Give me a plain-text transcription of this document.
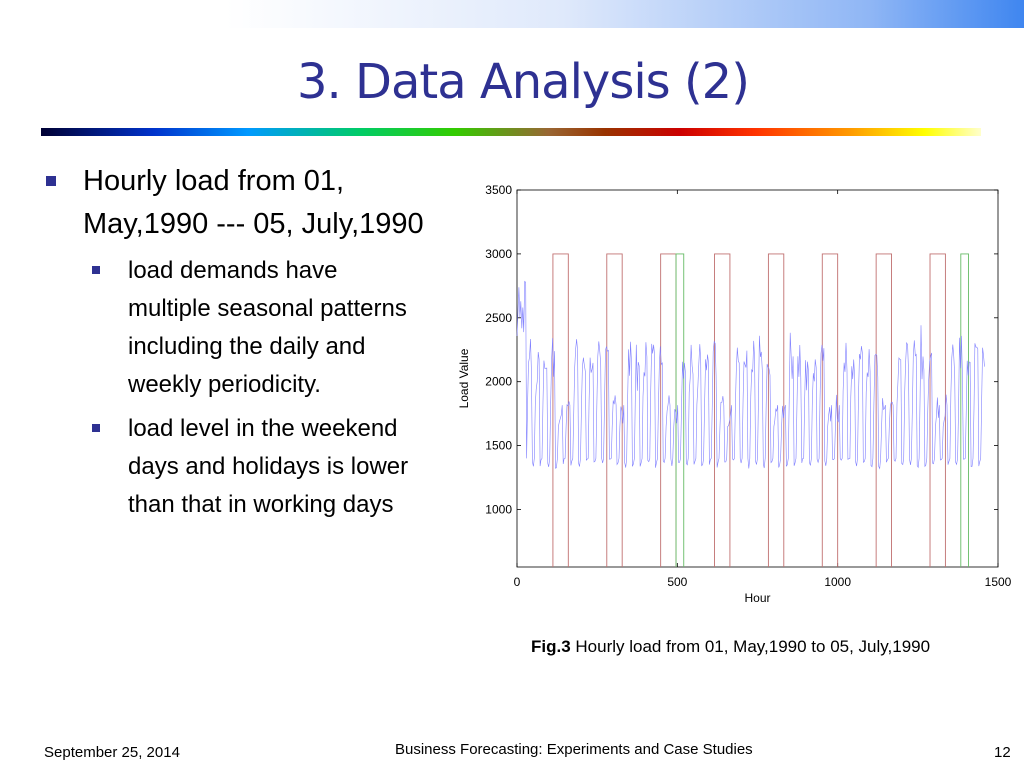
3. Data Analysis (2)
Hourly load from 01, May,1990 --- 05, July,1990
load demands have multiple seasonal patterns including the daily and weekly periodicity.
load level in the weekend days and holidays is lower than that in working days
Hour
Load Value
0	500	1000	1500
1000
1500
2000
2500
3000
3500
Fig.3 Hourly load from 01, May,1990 to 05, July,1990
September 25, 2014	Business Forecasting: Experiments and Case Studies	12
